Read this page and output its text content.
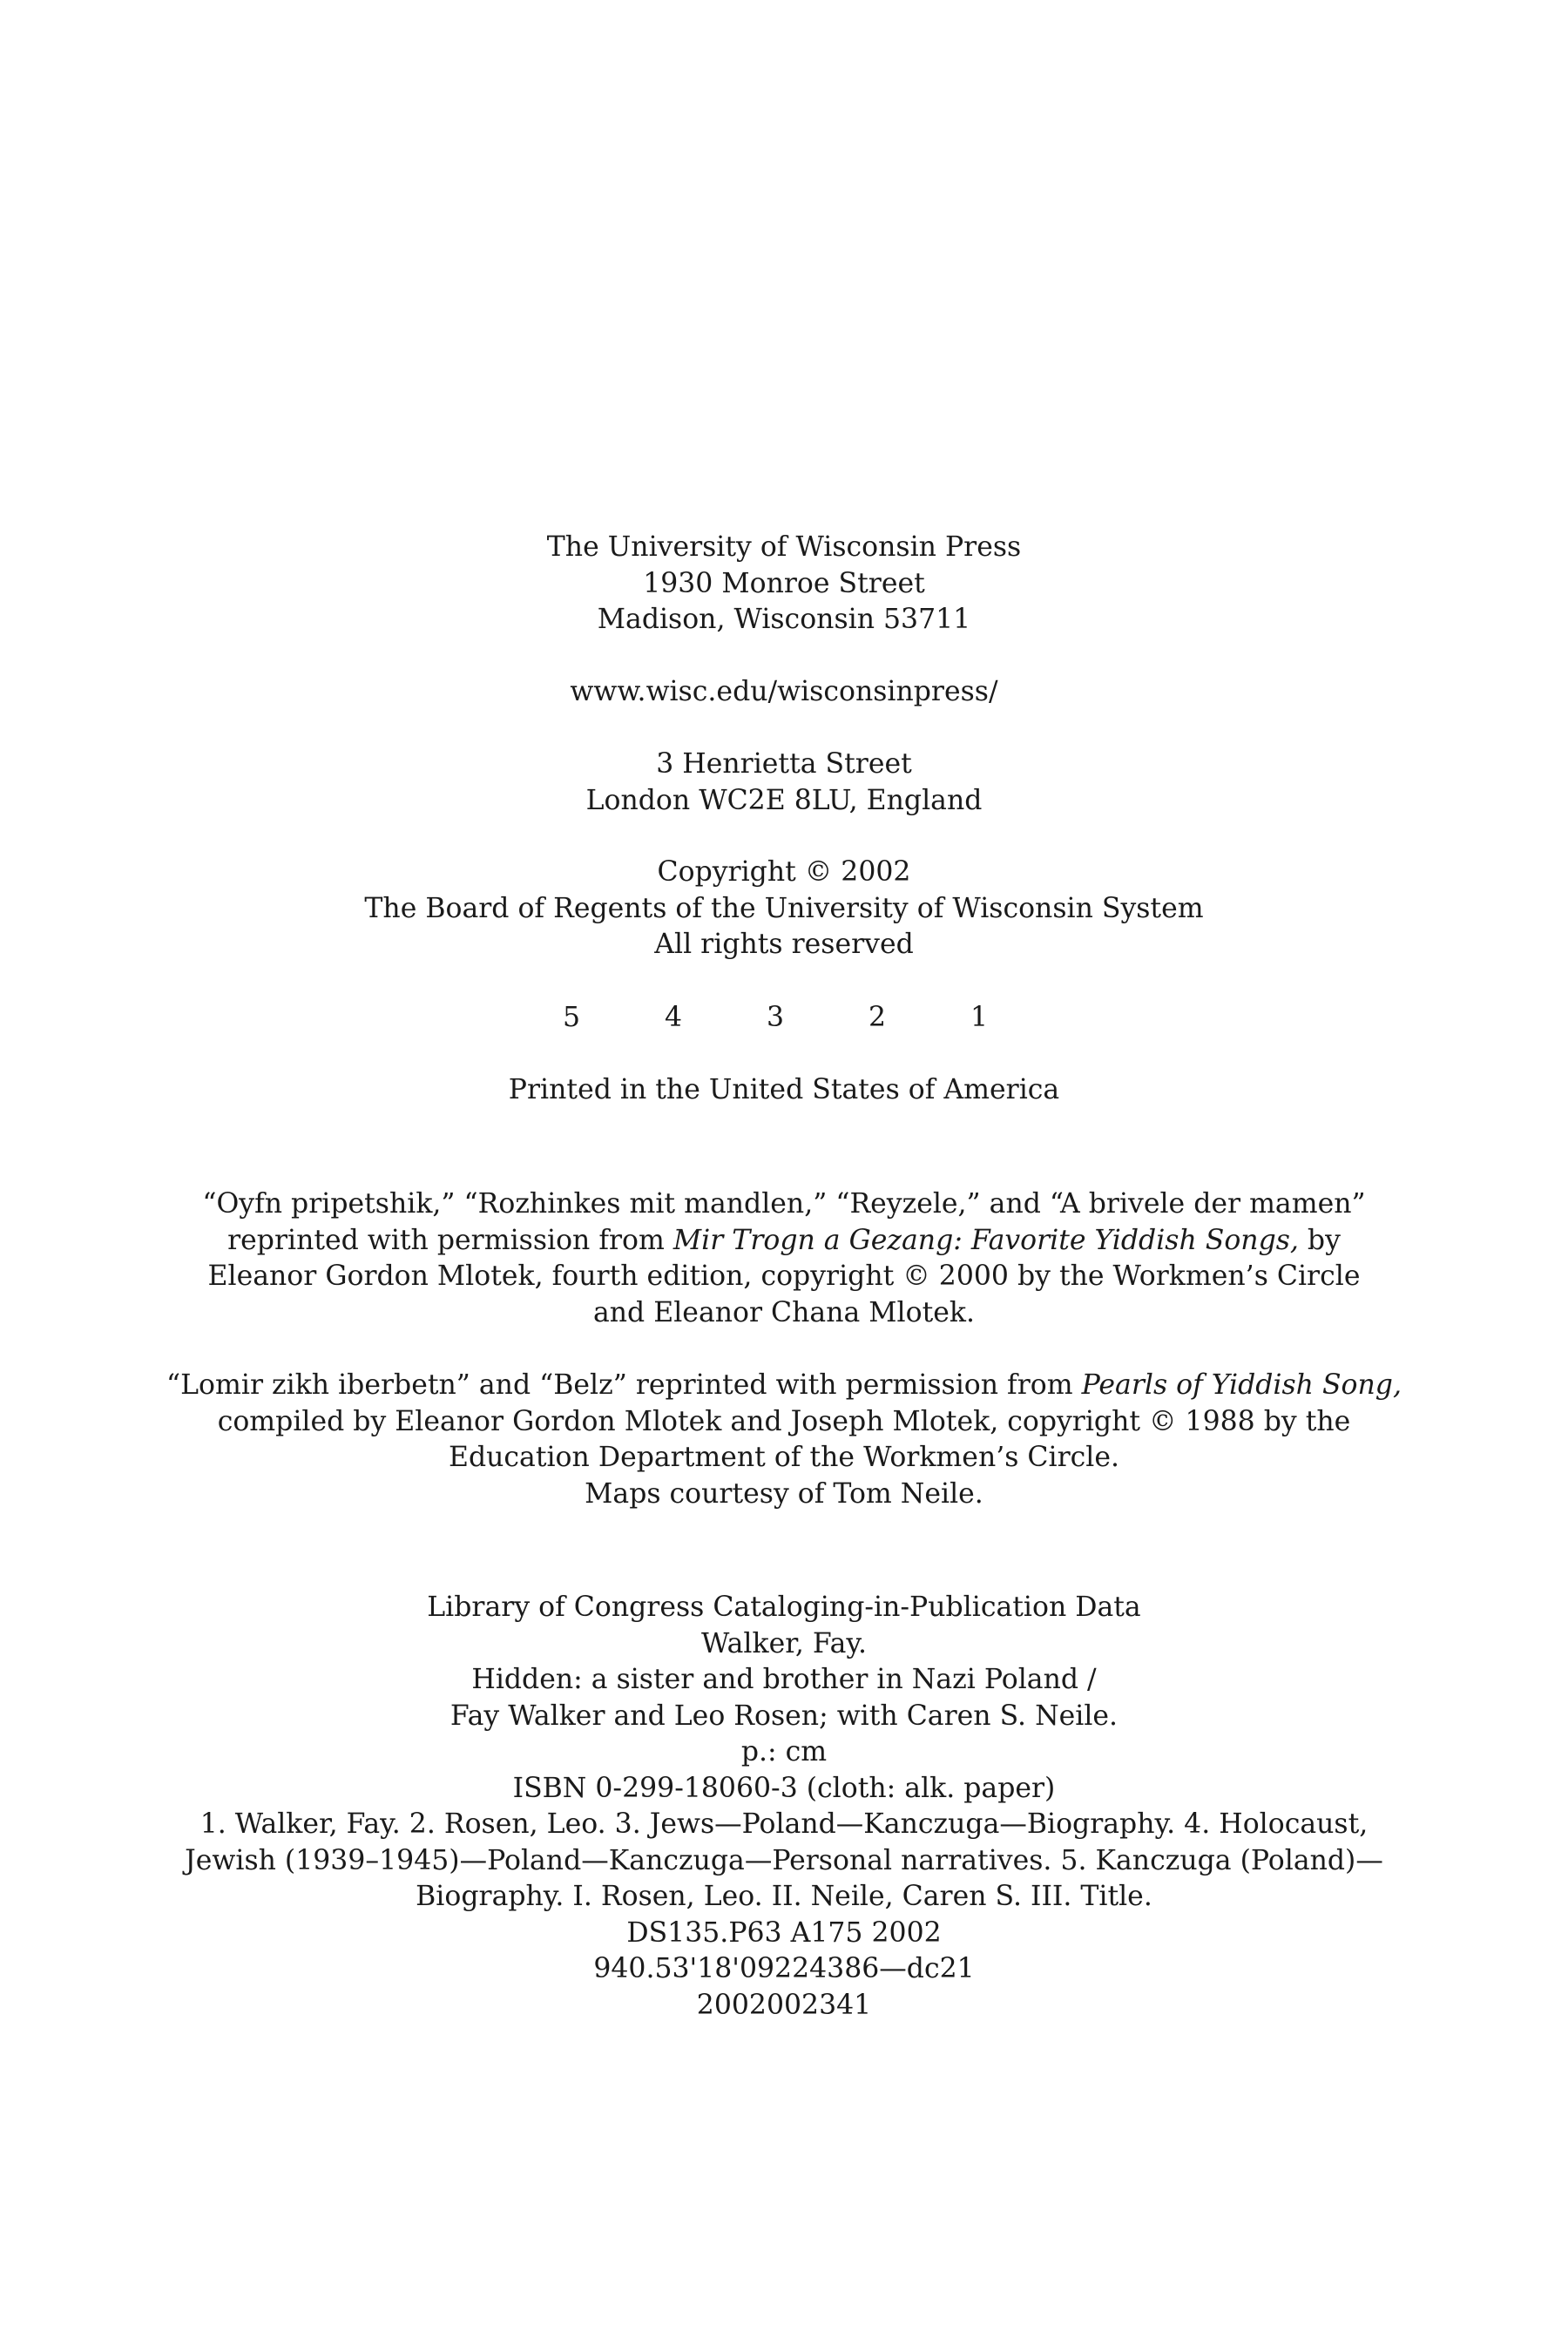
The University of Wisconsin Press
1930 Monroe Street
Madison, Wisconsin 53711
www.wisc.edu/wisconsinpress/
3 Henrietta Street
London WC2E 8LU, England
Copyright © 2002
The Board of Regents of the University of Wisconsin System
All rights reserved
5	4	3	2	1
Printed in the United States of America
“Oyfn pripetshik,” “Rozhinkes mit mandlen,” “Reyzele,” and “A brivele der mamen”
reprinted with permission from Mir Trogn a Gezang: Favorite Yiddish Songs, by
Eleanor Gordon Mlotek, fourth edition, copyright © 2000 by the Workmen’s Circle
and Eleanor Chana Mlotek.
“Lomir zikh iberbetn” and “Belz” reprinted with permission from Pearls of Yiddish Song,
compiled by Eleanor Gordon Mlotek and Joseph Mlotek, copyright © 1988 by the
Education Department of the Workmen’s Circle.
Maps courtesy of Tom Neile.
Library of Congress Cataloging-in-Publication Data
Walker, Fay.
Hidden: a sister and brother in Nazi Poland /
Fay Walker and Leo Rosen; with Caren S. Neile.
p.: cm
ISBN 0-299-18060-3 (cloth: alk. paper)
1. Walker, Fay. 2. Rosen, Leo. 3. Jews—Poland—Kanczuga—Biography. 4. Holocaust,
Jewish (1939–1945)—Poland—Kanczuga—Personal narratives. 5. Kanczuga (Poland)—
Biography. I. Rosen, Leo. II. Neile, Caren S. III. Title.
DS135.P63 A175 2002
940.53'18'09224386—dc21
2002002341
